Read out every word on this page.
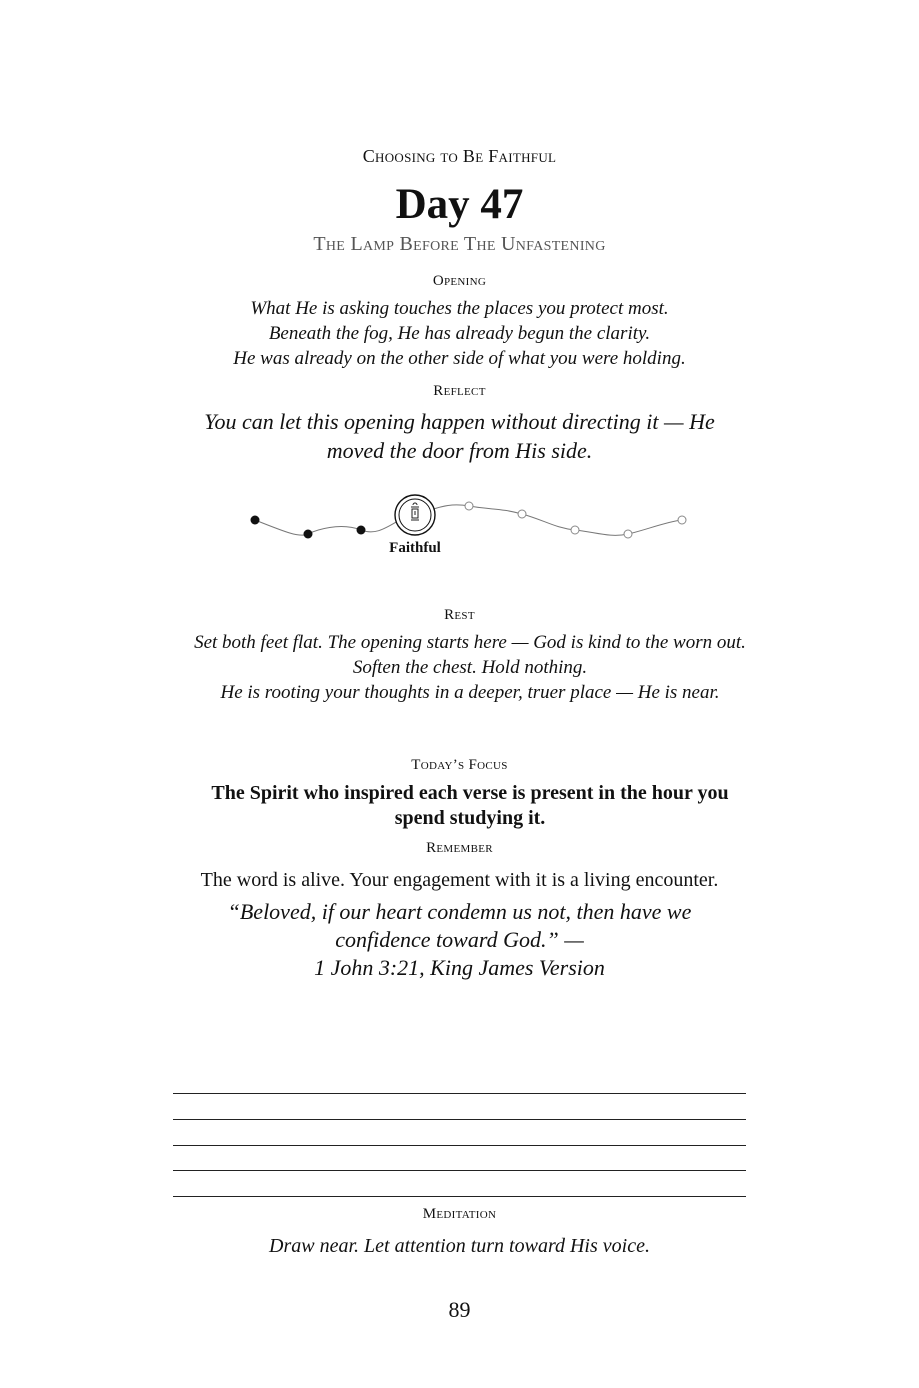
Choosing to Be Faithful
Day 47
The Lamp Before The Unfastening
Opening
What He is asking touches the places you protect most.
Beneath the fog, He has already begun the clarity.
He was already on the other side of what you were holding.
Reflect
You can let this opening happen without directing it — He
moved the door from His side.
Faithful
Rest
Set both feet flat. The opening starts here — God is kind to the worn out.
Soften the chest. Hold nothing.
He is rooting your thoughts in a deeper, truer place — He is near.
Today’s Focus
The Spirit who inspired each verse is present in the hour you spend studying it.
Remember
The word is alive. Your engagement with it is a living encounter.
“Beloved, if our heart condemn us not, then have we
confidence toward God.” —
1 John 3:21, King James Version
Meditation
Draw near. Let attention turn toward His voice.
89
